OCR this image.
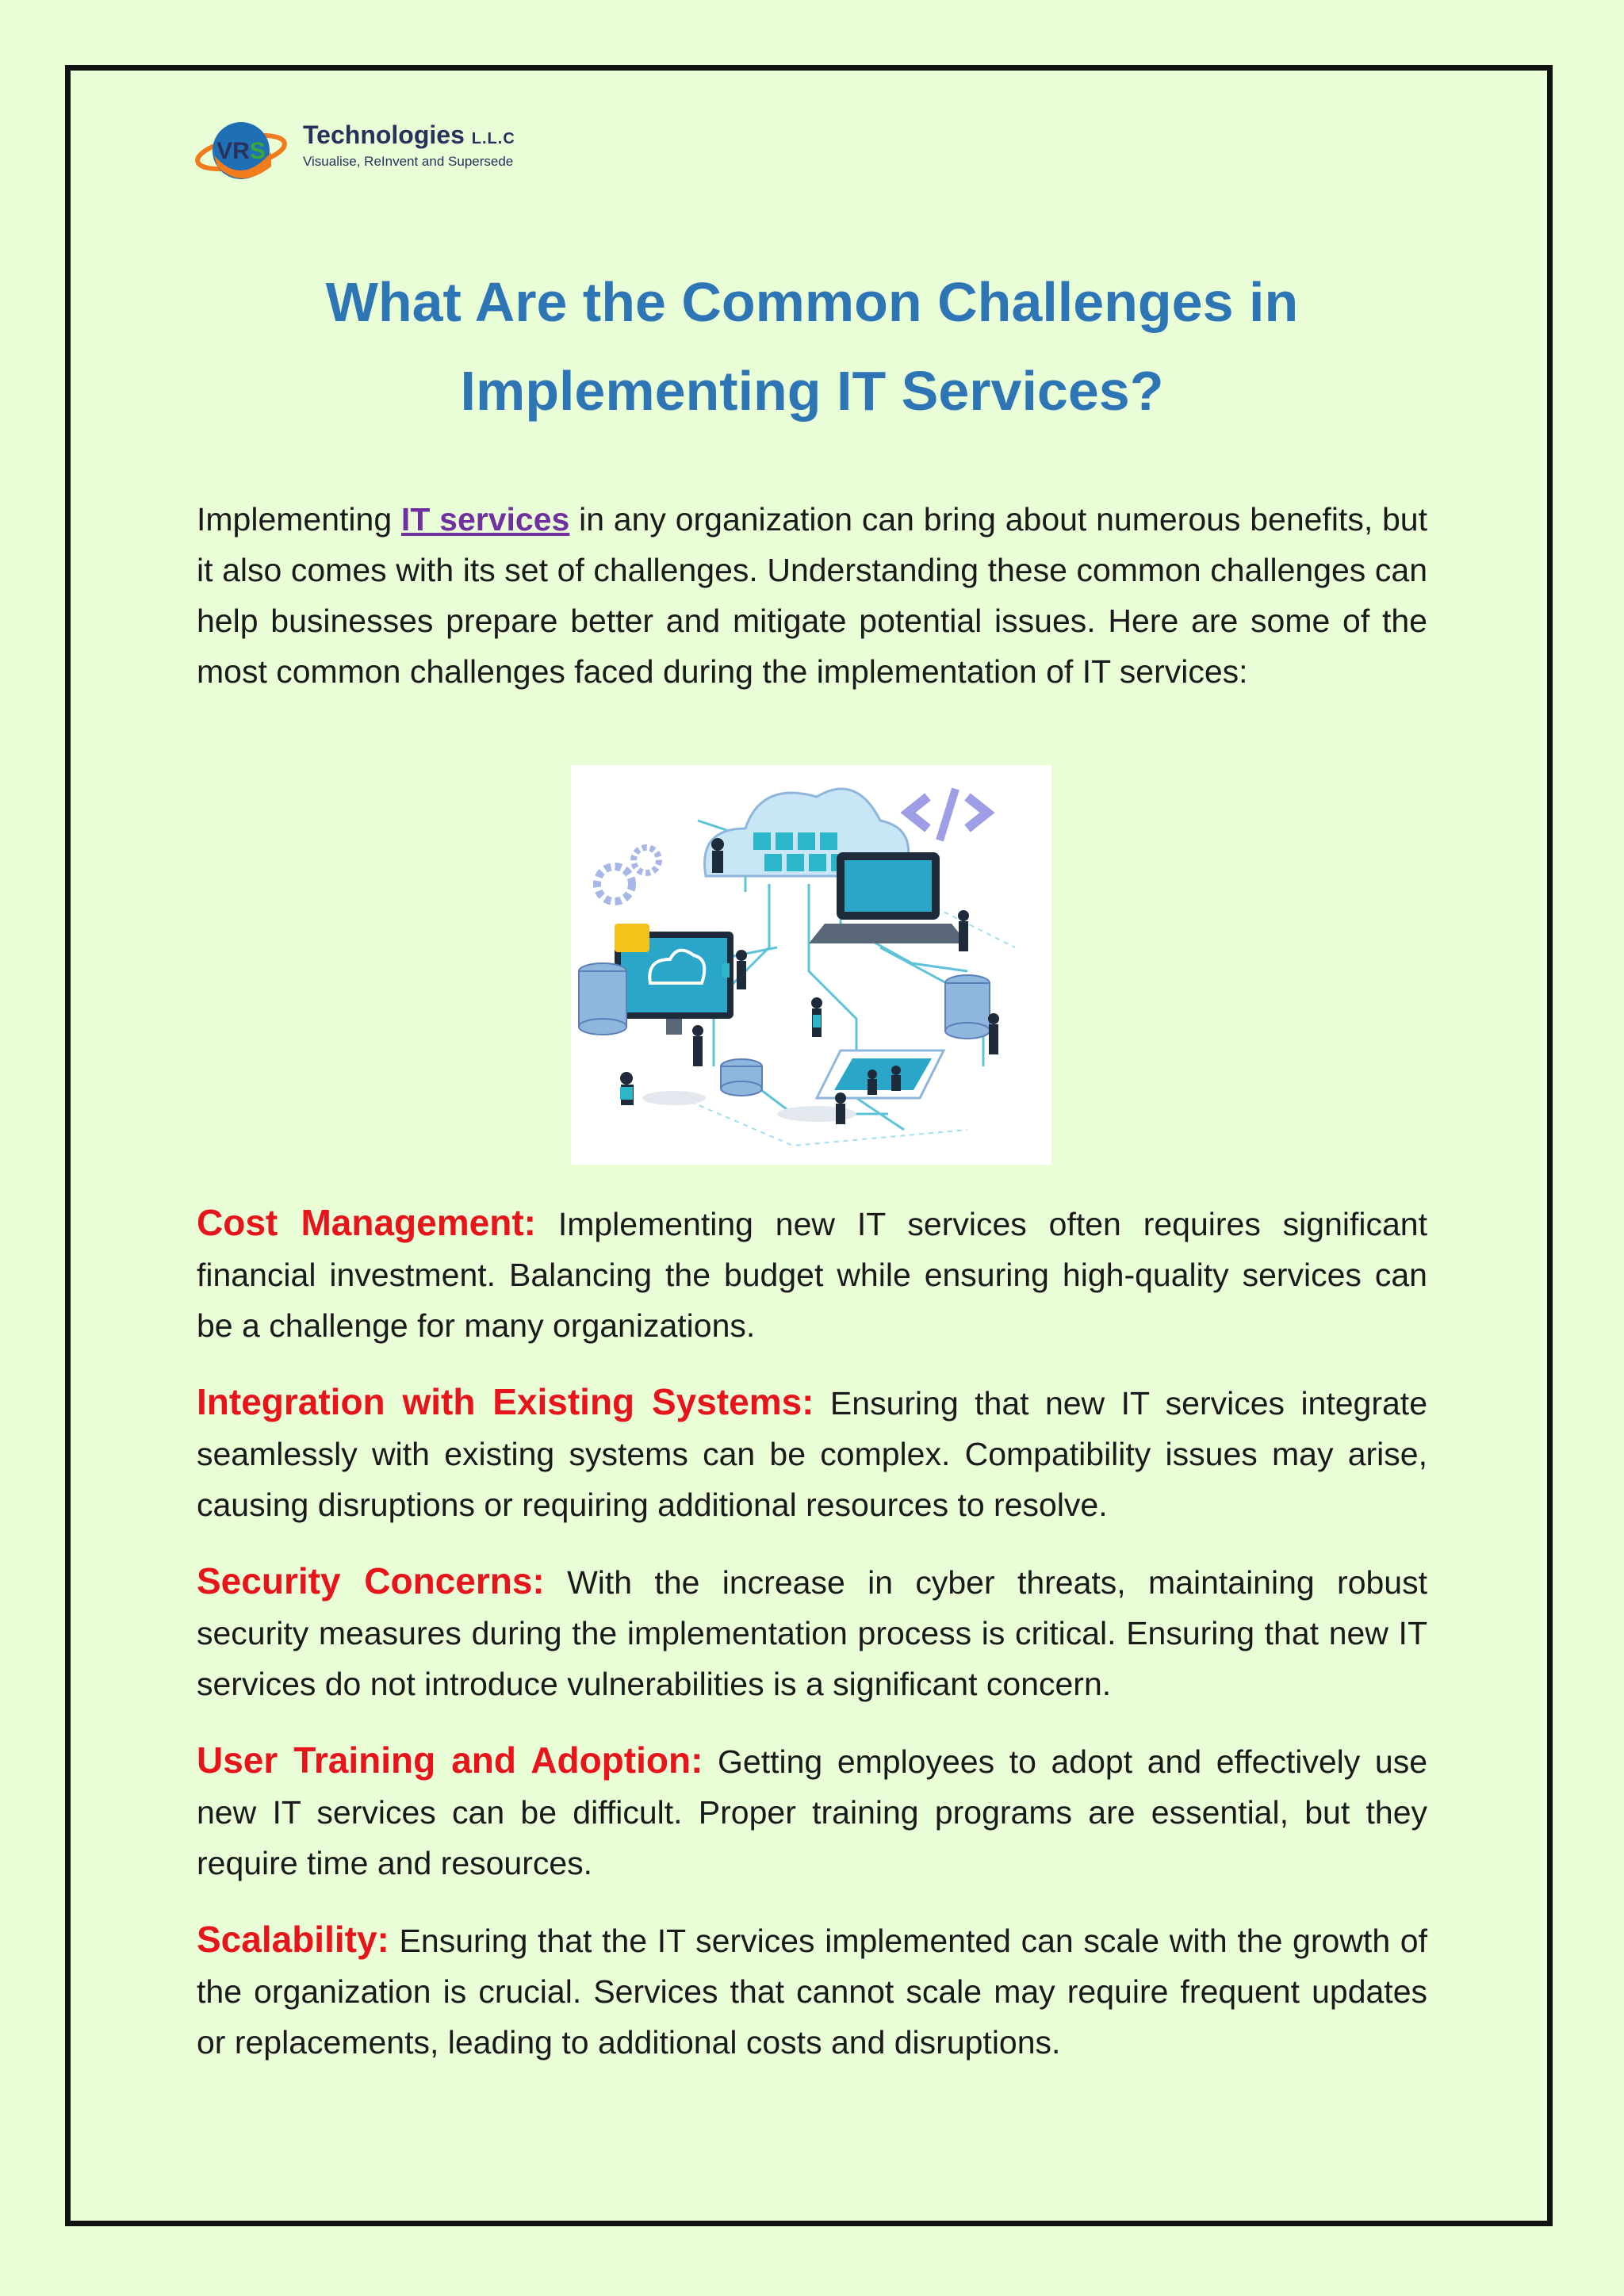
VRS
Technologies L.L.C
Visualise, ReInvent and Supersede
What Are the Common Challenges in Implementing IT Services?

Implementing IT services in any organization can bring about numerous benefits, but it also comes with its set of challenges. Understanding these common challenges can help businesses prepare better and mitigate potential issues. Here are some of the most common challenges faced during the implementation of IT services:

Cost Management: Implementing new IT services often requires significant financial investment. Balancing the budget while ensuring high-quality services can be a challenge for many organizations.

Integration with Existing Systems: Ensuring that new IT services integrate seamlessly with existing systems can be complex. Compatibility issues may arise, causing disruptions or requiring additional resources to resolve.

Security Concerns: With the increase in cyber threats, maintaining robust security measures during the implementation process is critical. Ensuring that new IT services do not introduce vulnerabilities is a significant concern.

User Training and Adoption: Getting employees to adopt and effectively use new IT services can be difficult. Proper training programs are essential, but they require time and resources.

Scalability: Ensuring that the IT services implemented can scale with the growth of the organization is crucial. Services that cannot scale may require frequent updates or replacements, leading to additional costs and disruptions.
